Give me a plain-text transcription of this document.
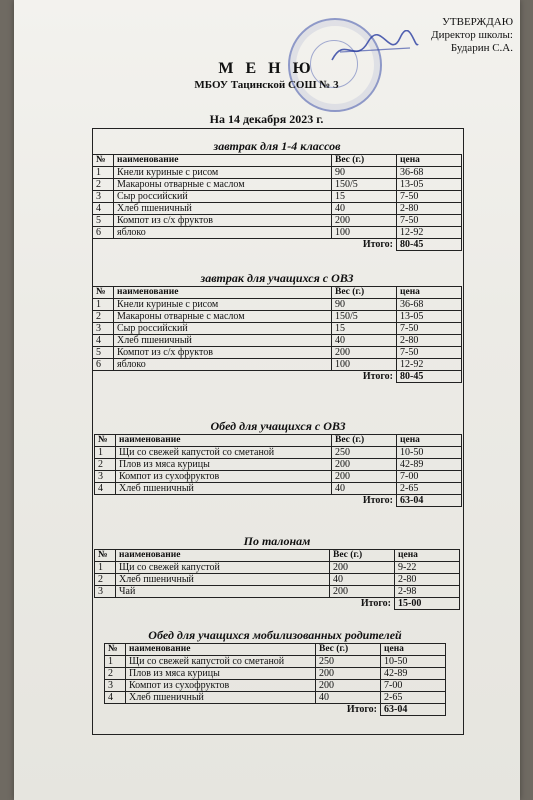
УТВЕРЖДАЮ
Директор школы:
Бударин С.А.
М Е Н Ю
МБОУ Тацинской СОШ № 3
На 14 декабря 2023 г.
завтрак для 1-4 классов
№	наименование	Вес (г.)	цена
1	Кнели куриные с рисом	90	36-68
2	Макароны отварные с маслом	150/5	13-05
3	Сыр российский	15	7-50
4	Хлеб пшеничный	40	2-80
5	Компот из с/х фруктов	200	7-50
6	яблоко	100	12-92
Итого:			80-45
завтрак для учащихся с ОВЗ
№	наименование	Вес (г.)	цена
1	Кнели куриные с рисом	90	36-68
2	Макароны отварные с маслом	150/5	13-05
3	Сыр российский	15	7-50
4	Хлеб пшеничный	40	2-80
5	Компот из с/х фруктов	200	7-50
6	яблоко	100	12-92
Итого:			80-45
Обед для учащихся с ОВЗ
№	наименование	Вес (г.)	цена
1	Щи со свежей капустой со сметаной	250	10-50
2	Плов из мяса курицы	200	42-89
3	Компот из сухофруктов	200	7-00
4	Хлеб пшеничный	40	2-65
Итого:			63-04
По талонам
№	наименование	Вес (г.)	цена
1	Щи со свежей капустой	200	9-22
2	Хлеб пшеничный	40	2-80
3	Чай	200	2-98
Итого:			15-00
Обед для учащихся мобилизованных родителей
№	наименование	Вес (г.)	цена
1	Щи со свежей капустой со сметаной	250	10-50
2	Плов из мяса курицы	200	42-89
3	Компот из сухофруктов	200	7-00
4	Хлеб пшеничный	40	2-65
Итого:			63-04
